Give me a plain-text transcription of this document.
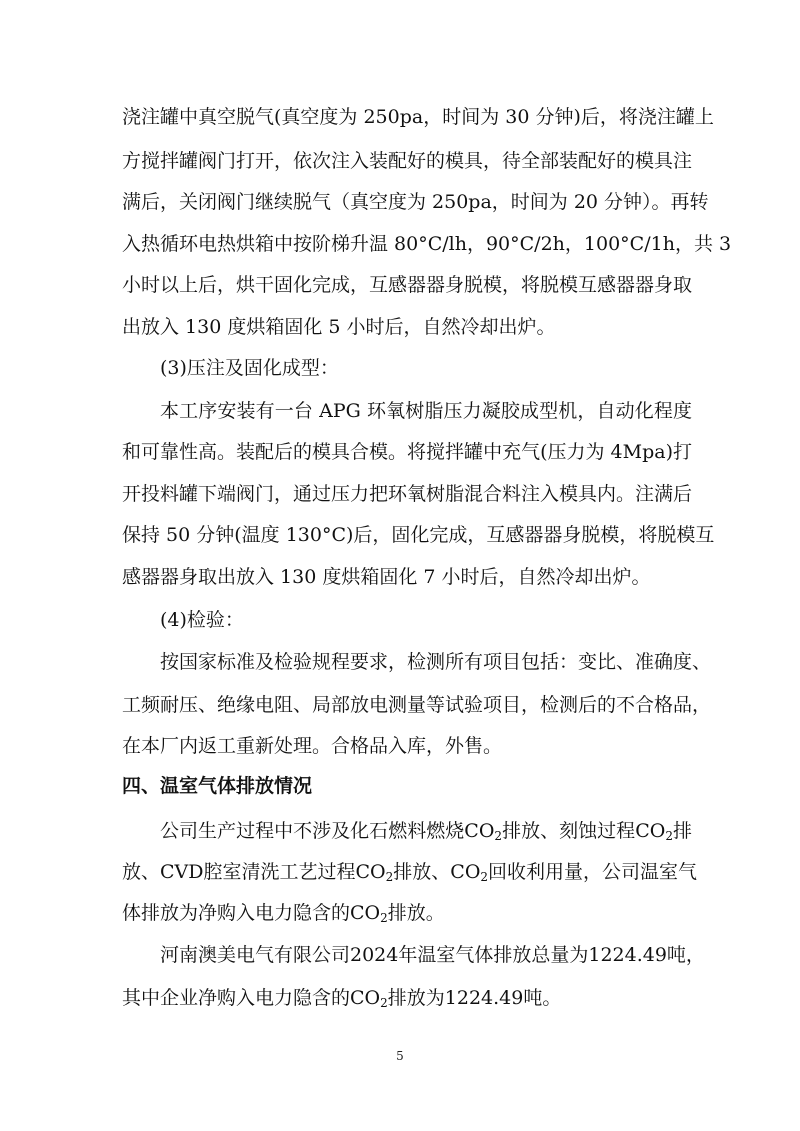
浇注罐中真空脱气(真空度为 250pa，时间为 30 分钟)后，将浇注罐上
方搅拌罐阀门打开，依次注入装配好的模具，待全部装配好的模具注
满后，关闭阀门继续脱气（真空度为 250pa，时间为 20 分钟）。再转
入热循环电热烘箱中按阶梯升温 80°C/lh，90°C/2h，100°C/1h，共 3
小时以上后，烘干固化完成，互感器器身脱模，将脱模互感器器身取
出放入 130 度烘箱固化 5 小时后，自然冷却出炉。
(3)压注及固化成型：
本工序安装有一台 APG 环氧树脂压力凝胶成型机，自动化程度
和可靠性高。装配后的模具合模。将搅拌罐中充气(压力为 4Mpa)打
开投料罐下端阀门，通过压力把环氧树脂混合料注入模具内。注满后
保持 50 分钟(温度 130°C)后，固化完成，互感器器身脱模，将脱模互
感器器身取出放入 130 度烘箱固化 7 小时后，自然冷却出炉。
(4)检验：
按国家标准及检验规程要求，检测所有项目包括：变比、准确度、
工频耐压、绝缘电阻、局部放电测量等试验项目，检测后的不合格品，
在本厂内返工重新处理。合格品入库，外售。
四、温室气体排放情况
公司生产过程中不涉及化石燃料燃烧$CO_2$排放、刻蚀过程$CO_2$排
放、CVD腔室清洗工艺过程$CO_2$排放、$CO_2$回收利用量，公司温室气
体排放为净购入电力隐含的$CO_2$排放。
河南澳美电气有限公司2024年温室气体排放总量为1224.49吨，
其中企业净购入电力隐含的$CO_2$排放为1224.49吨。
5
